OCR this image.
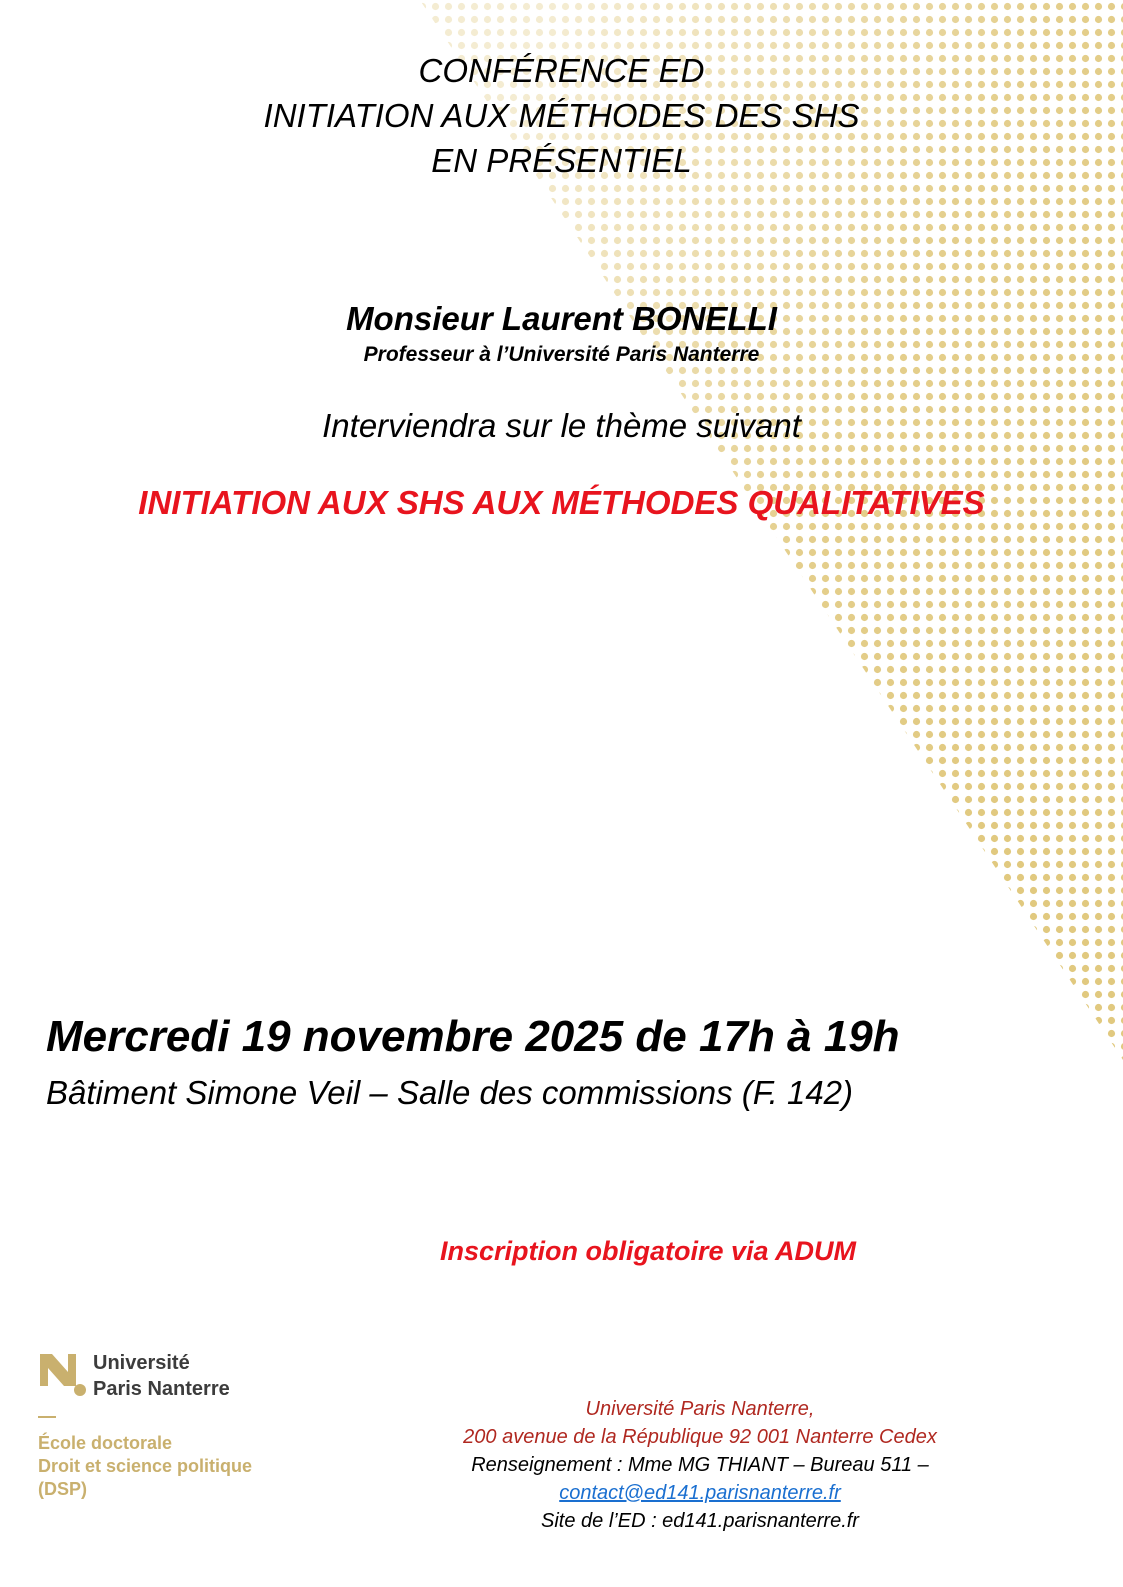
CONFÉRENCE ED
INITIATION AUX MÉTHODES DES SHS
EN PRÉSENTIEL
Monsieur Laurent BONELLI
Professeur à l’Université Paris Nanterre
Interviendra sur le thème suivant
INITIATION AUX SHS AUX MÉTHODES QUALITATIVES
Mercredi 19 novembre 2025 de 17h à 19h
Bâtiment Simone Veil – Salle des commissions (F. 142)
Inscription obligatoire via ADUM
Université
Paris Nanterre
École doctorale
Droit et science politique
(DSP)
Université Paris Nanterre,
200 avenue de la République 92 001 Nanterre Cedex
Renseignement : Mme MG THIANT – Bureau 511 –
contact@ed141.parisnanterre.fr
Site de l’ED : ed141.parisnanterre.fr
